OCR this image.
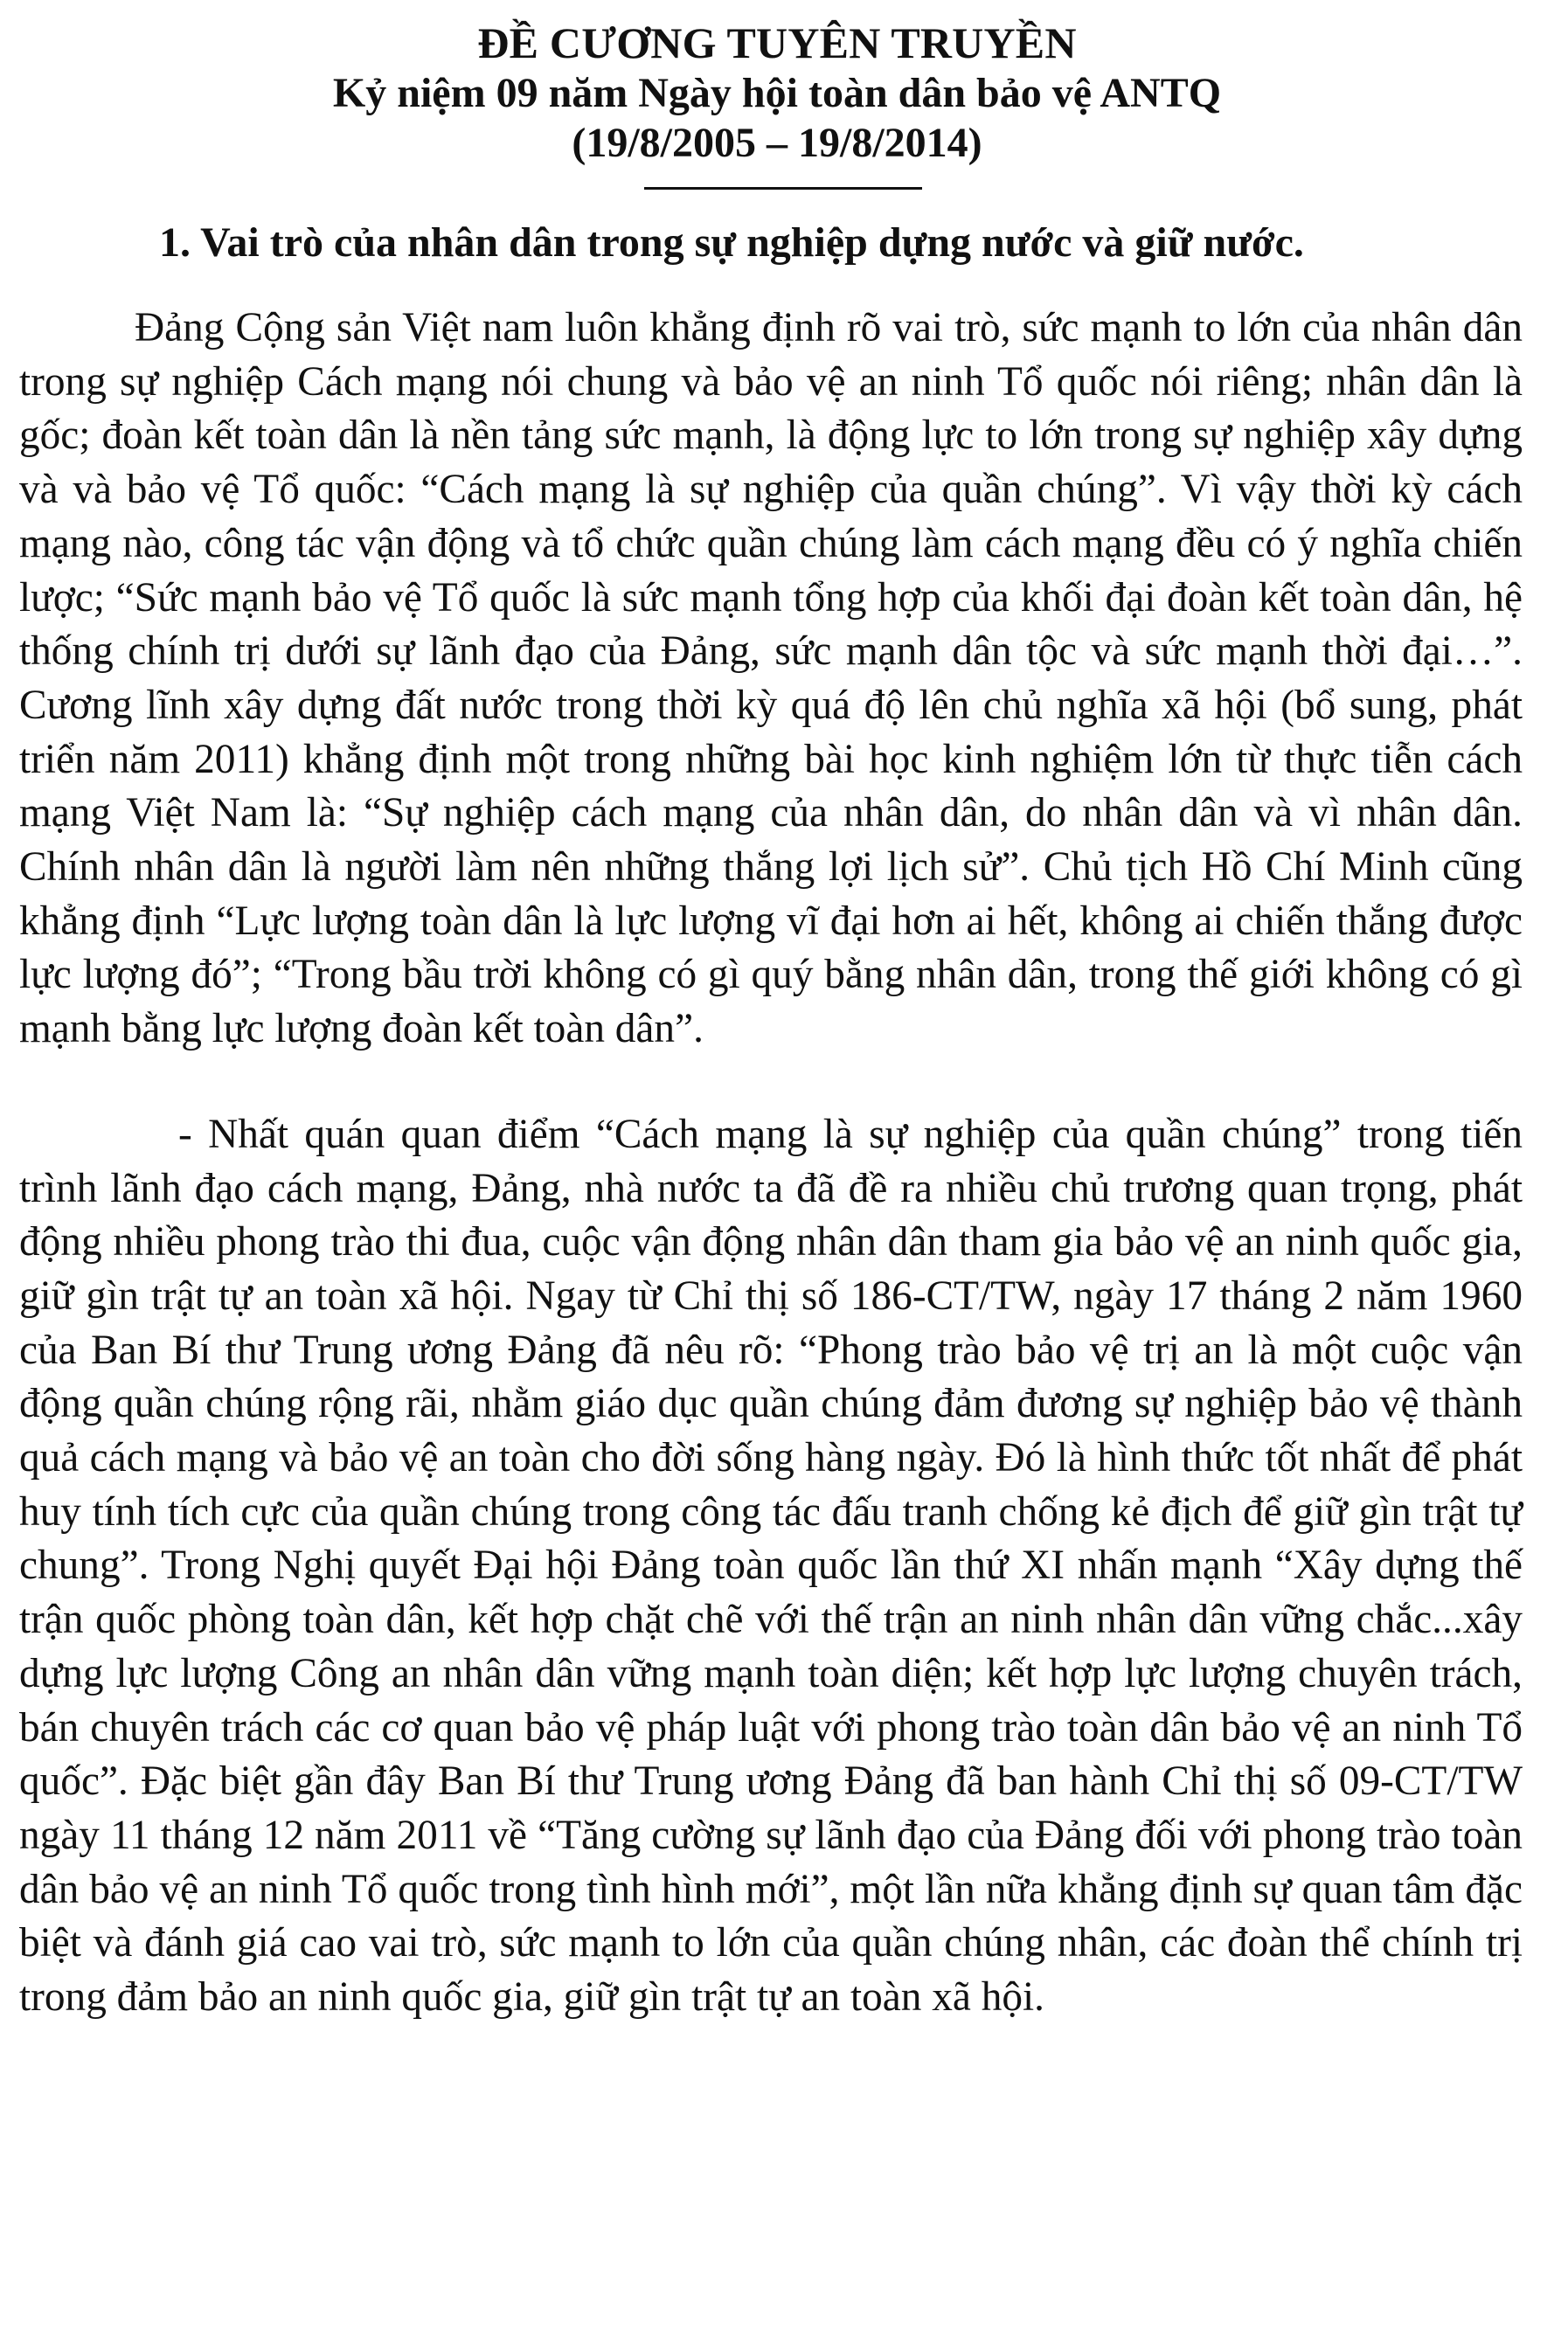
ĐỀ CƯƠNG TUYÊN TRUYỀN
Kỷ niệm 09 năm Ngày hội toàn dân bảo vệ ANTQ
(19/8/2005 – 19/8/2014)
1. Vai trò của nhân dân trong sự nghiệp dựng nước và giữ nước.

Đảng Cộng sản Việt nam luôn khẳng định rõ vai trò, sức mạnh to lớn của nhân dân trong sự nghiệp Cách mạng nói chung và bảo vệ an ninh Tổ quốc nói riêng; nhân dân là gốc; đoàn kết toàn dân là nền tảng sức mạnh, là động lực to lớn trong sự nghiệp xây dựng và và bảo vệ Tổ quốc: “Cách mạng là sự nghiệp của quần chúng”. Vì vậy thời kỳ cách mạng nào, công tác vận động và tổ chức quần chúng làm cách mạng đều có ý nghĩa chiến lược; “Sức mạnh bảo vệ Tổ quốc là sức mạnh tổng hợp của khối đại đoàn kết toàn dân, hệ thống chính trị dưới sự lãnh đạo của Đảng, sức mạnh dân tộc và sức mạnh thời đại…”. Cương lĩnh xây dựng đất nước trong thời kỳ quá độ lên chủ nghĩa xã hội (bổ sung, phát triển năm 2011) khẳng định một trong những bài học kinh nghiệm lớn từ thực tiễn cách mạng Việt Nam là: “Sự nghiệp cách mạng của nhân dân, do nhân dân và vì nhân dân. Chính nhân dân là người làm nên những thắng lợi lịch sử”. Chủ tịch Hồ Chí Minh cũng khẳng định “Lực lượng toàn dân là lực lượng vĩ đại hơn ai hết, không ai chiến thắng được lực lượng đó”; “Trong bầu trời không có gì quý bằng nhân dân, trong thế giới không có gì mạnh bằng lực lượng đoàn kết toàn dân”.

- Nhất quán quan điểm “Cách mạng là sự nghiệp của quần chúng” trong tiến trình lãnh đạo cách mạng, Đảng, nhà nước ta đã đề ra nhiều chủ trương quan trọng, phát động nhiều phong trào thi đua, cuộc vận động nhân dân tham gia bảo vệ an ninh quốc gia, giữ gìn trật tự an toàn xã hội. Ngay từ Chỉ thị số 186-CT/TW, ngày 17 tháng 2 năm 1960 của Ban Bí thư Trung ương Đảng đã nêu rõ: “Phong trào bảo vệ trị an là một cuộc vận động quần chúng rộng rãi, nhằm giáo dục quần chúng đảm đương sự nghiệp bảo vệ thành quả cách mạng và bảo vệ an toàn cho đời sống hàng ngày. Đó là hình thức tốt nhất để phát huy tính tích cực của quần chúng trong công tác đấu tranh chống kẻ địch để giữ gìn trật tự chung”. Trong Nghị quyết Đại hội Đảng toàn quốc lần thứ XI nhấn mạnh “Xây dựng thế trận quốc phòng toàn dân, kết hợp chặt chẽ với thế trận an ninh nhân dân vững chắc...xây dựng lực lượng Công an nhân dân vững mạnh toàn diện; kết hợp lực lượng chuyên trách, bán chuyên trách các cơ quan bảo vệ pháp luật với phong trào toàn dân bảo vệ an ninh Tổ quốc”. Đặc biệt gần đây Ban Bí thư Trung ương Đảng đã ban hành Chỉ thị số 09-CT/TW ngày 11 tháng 12 năm 2011 về “Tăng cường sự lãnh đạo của Đảng đối với phong trào toàn dân bảo vệ an ninh Tổ quốc trong tình hình mới”, một lần nữa khẳng định sự quan tâm đặc biệt và đánh giá cao vai trò, sức mạnh to lớn của quần chúng nhân, các đoàn thể chính trị trong đảm bảo an ninh quốc gia, giữ gìn trật tự an toàn xã hội.
